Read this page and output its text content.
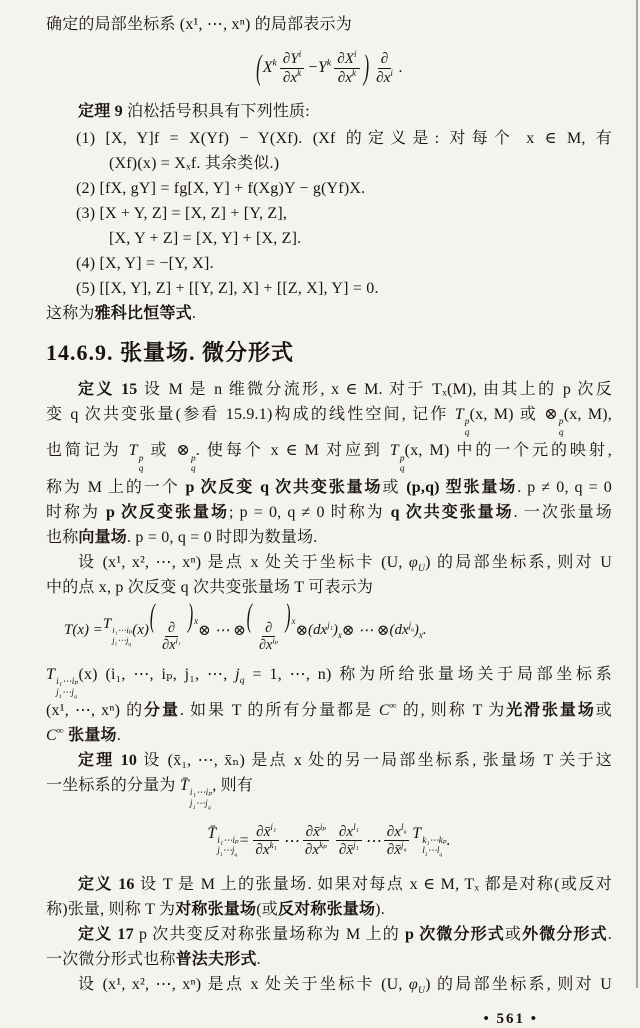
确定的局部坐标系 (x¹, ⋯, xⁿ) 的局部表示为

( $X^k \frac{\partial Y^i}{\partial x^k} - Y^k \frac{\partial X^i}{\partial x^k}$ ) $\frac{\partial}{\partial x^i}$ .

定理 9 泊松括号积具有下列性质:

(1) [X, Y]f = X(Yf) − Y(Xf). (Xf 的定义是: 对每个 x ∈ M, 有

(Xf)(x) = Xₓf. 其余类似.)

(2) [fX, gY] = fg[X, Y] + f(Xg)Y − g(Yf)X.

(3) [X + Y, Z] = [X, Z] + [Y, Z],

[X, Y + Z] = [X, Y] + [X, Z].

(4) [X, Y] = −[Y, X].

(5) [[X, Y], Z] + [[Y, Z], X] + [[Z, X], Y] = 0.

这称为雅科比恒等式.

14.6.9. 张量场. 微分形式

定义 15 设 M 是 n 维微分流形, x ∈ M. 对于 Tₓ(M), 由其上的 p 次反

变 q 次共变张量(参看 15.9.1)构成的线性空间, 记作 T p
q
(x, M) 或 ⊗ p
q
(x, M),

也简记为 T p
q
或 ⊗ p
q
. 使每个 x ∈ M 对应到 T p
q
(x, M) 中的一个元的映射,

称为 M 上的一个 p 次反变 q 次共变张量场或 (p,q) 型张量场. p ≠ 0, q = 0

时称为 p 次反变张量场; p = 0, q ≠ 0 时称为 q 次共变张量场. 一次张量场

也称向量场. p = 0, q = 0 时即为数量场.

设 (x¹, x², ⋯, xⁿ) 是点 x 处关于坐标卡 (U, $\varphi_U$) 的局部坐标系, 则对 U

中的点 x, p 次反变 q 次共变张量场 T 可表示为

T(x) = T i₁⋯iₚ
$j_1\cdots j_q$
(x) (
$\frac{\partial}{\partial x^{i_1}}$
)$_x$
⊗ ⋯ ⊗ (
$\frac{\partial}{\partial x^{i_p}}$
)$_x$
⊗ $(dx^{j_1})_x$ ⊗ ⋯ ⊗ $(dx^{j_q})_x$ .

T i₁⋯iₚ
$j_1\cdots j_q$
(x) (i₁, ⋯, iₚ, j₁, ⋯, $j_q = 1$, ⋯, n) 称为所给张量场关于局部坐标系

(x¹, ⋯, xⁿ) 的分量. 如果 T 的所有分量都是 C∞ 的, 则称 T 为光滑张量场或

C∞ 张量场.

定理 10 设 (x̄₁, ⋯, x̄ₙ) 是点 x 处的另一局部坐标系, 张量场 T 关于这

一坐标系的分量为 T̄ i₁⋯iₚ
$j_1\cdots j_q$
, 则有

T̄ i₁⋯iₚ
$j_1\cdots j_q$
= $\frac{\partial x̄^{i_1}}{\partial x^{k_1}}$ ⋯ $\frac{\partial x̄^{i_p}}{\partial x^{k_p}} \frac{\partial x^{l_1}}{\partial x̄^{j_1}}$ ⋯ $\frac{\partial x^{l_q}}{\partial x̄^{j_q}}$ T k₁⋯kₚ
$l_1\cdots l_q$
.

定义 16 设 T 是 M 上的张量场. 如果对每点 x ∈ M, Tₓ 都是对称(或反对

称)张量, 则称 T 为对称张量场(或反对称张量场).

定义 17 p 次共变反对称张量场称为 M 上的 p 次微分形式或外微分形式.

一次微分形式也称普法夫形式.

设 (x¹, x², ⋯, xⁿ) 是点 x 处关于坐标卡 (U, $\varphi_U$) 的局部坐标系, 则对 U

• 561 •
